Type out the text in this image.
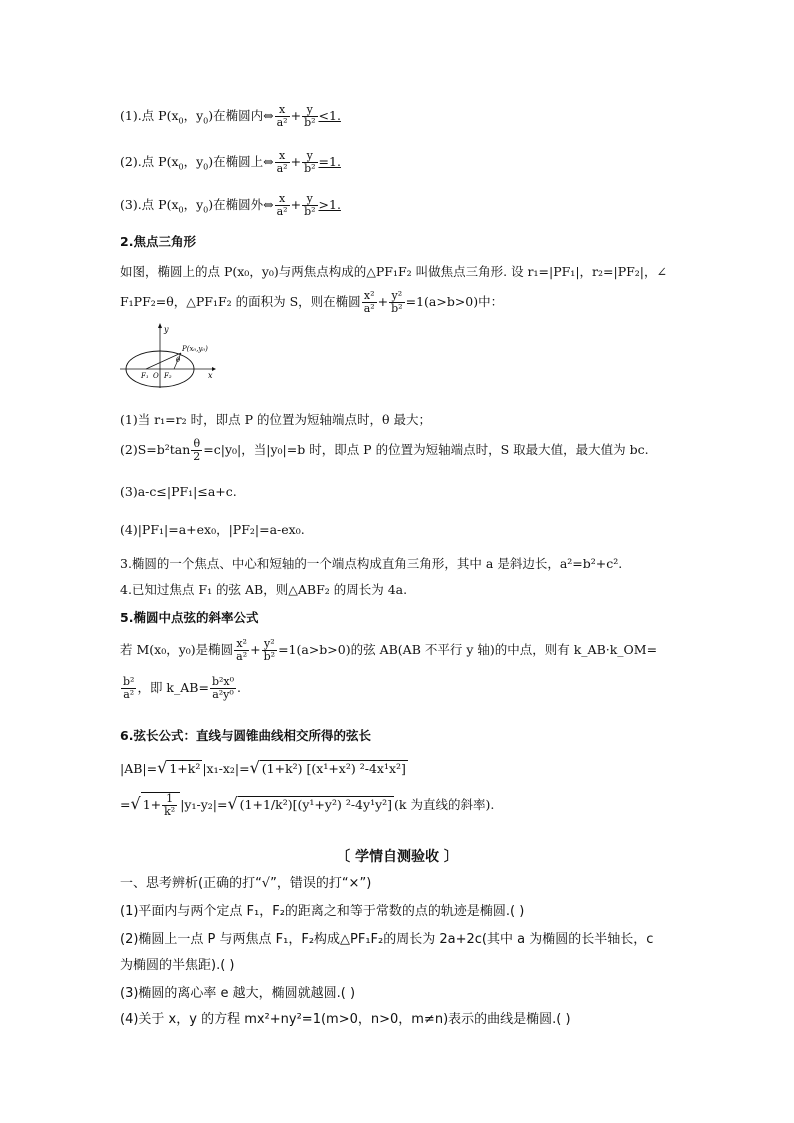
(1).点 $P(x_0$，$y_0$)在椭圆内⇔ $\frac{x}{\text{a²}} + \frac{y}{\text{b²}} <1$.
(2).点 $P(x_0$，$y_0$)在椭圆上⇔ $\frac{x}{\text{a²}} + \frac{y}{\text{b²}} =1$.
(3).点 $P(x_0$，$y_0$)在椭圆外⇔ $\frac{x}{\text{a²}} + \frac{y}{\text{b²}} >1$.
2.焦点三角形
如图，椭圆上的点 P(x₀，y₀)与两焦点构成的△PF₁F₂ 叫做焦点三角形. 设 r₁=|PF₁|，r₂=|PF₂|，∠
F₁PF₂=θ，△PF₁F₂ 的面积为 S，则在椭圆 $\frac{\text{x²}}{\text{a²}} + \frac{\text{y²}}{\text{b²}} =1(a>b>0)$中：
y
x
P(x₀,y₀)
θ
F₁ O F₂
(1)当 r₁=r₂ 时，即点 P 的位置为短轴端点时，θ 最大；
$(2)S=b^2\tan \frac{\theta}{2} =c|y_0|$，当|y₀|=b 时，即点 P 的位置为短轴端点时，S 取最大值，最大值为 bc.
(3)a-c≤|PF₁|≤a+c.
(4)|PF₁|=a+ex₀，|PF₂|=a-ex₀.
3.椭圆的一个焦点、中心和短轴的一个端点构成直角三角形，其中 a 是斜边长，a²=b²+c².
4.已知过焦点 F₁ 的弦 AB，则△ABF₂ 的周长为 4a.
5.椭圆中点弦的斜率公式
若 M(x₀，y₀)是椭圆 $\frac{\text{x²}}{\text{a²}} + \frac{\text{y²}}{\text{b²}} =1(a>b>0)$的弦 AB(AB 不平行 y 轴)的中点，则有 k_AB·k_OM=
$\frac{\text{b²}}{\text{a²}}$ ，即 k_AB= $\frac{\text{b²x⁰}}{\text{a²y⁰}}$ .
6.弦长公式：直线与圆锥曲线相交所得的弦长
|AB|=√ 1+k² |x₁-x₂|=√ (1+k²) [(x¹+x²) ²-4x¹x²]
=√ $1+ \frac{1}{\text{k²}} |y_1-y_2|=√$ (1+1/k²)[(y¹+y²) ²-4y¹y²] (k 为直线的斜率).
〔 学情自测验收 〕
一、思考辨析(正确的打“√”，错误的打“×”)
(1)平面内与两个定点 F₁，F₂的距离之和等于常数的点的轨迹是椭圆.( )
(2)椭圆上一点 P 与两焦点 F₁，F₂构成△PF₁F₂的周长为 2a+2c(其中 a 为椭圆的长半轴长，c
为椭圆的半焦距).( )
(3)椭圆的离心率 e 越大，椭圆就越圆.( )
(4)关于 x，y 的方程 mx²+ny²=1(m>0，n>0，m≠n)表示的曲线是椭圆.( )
